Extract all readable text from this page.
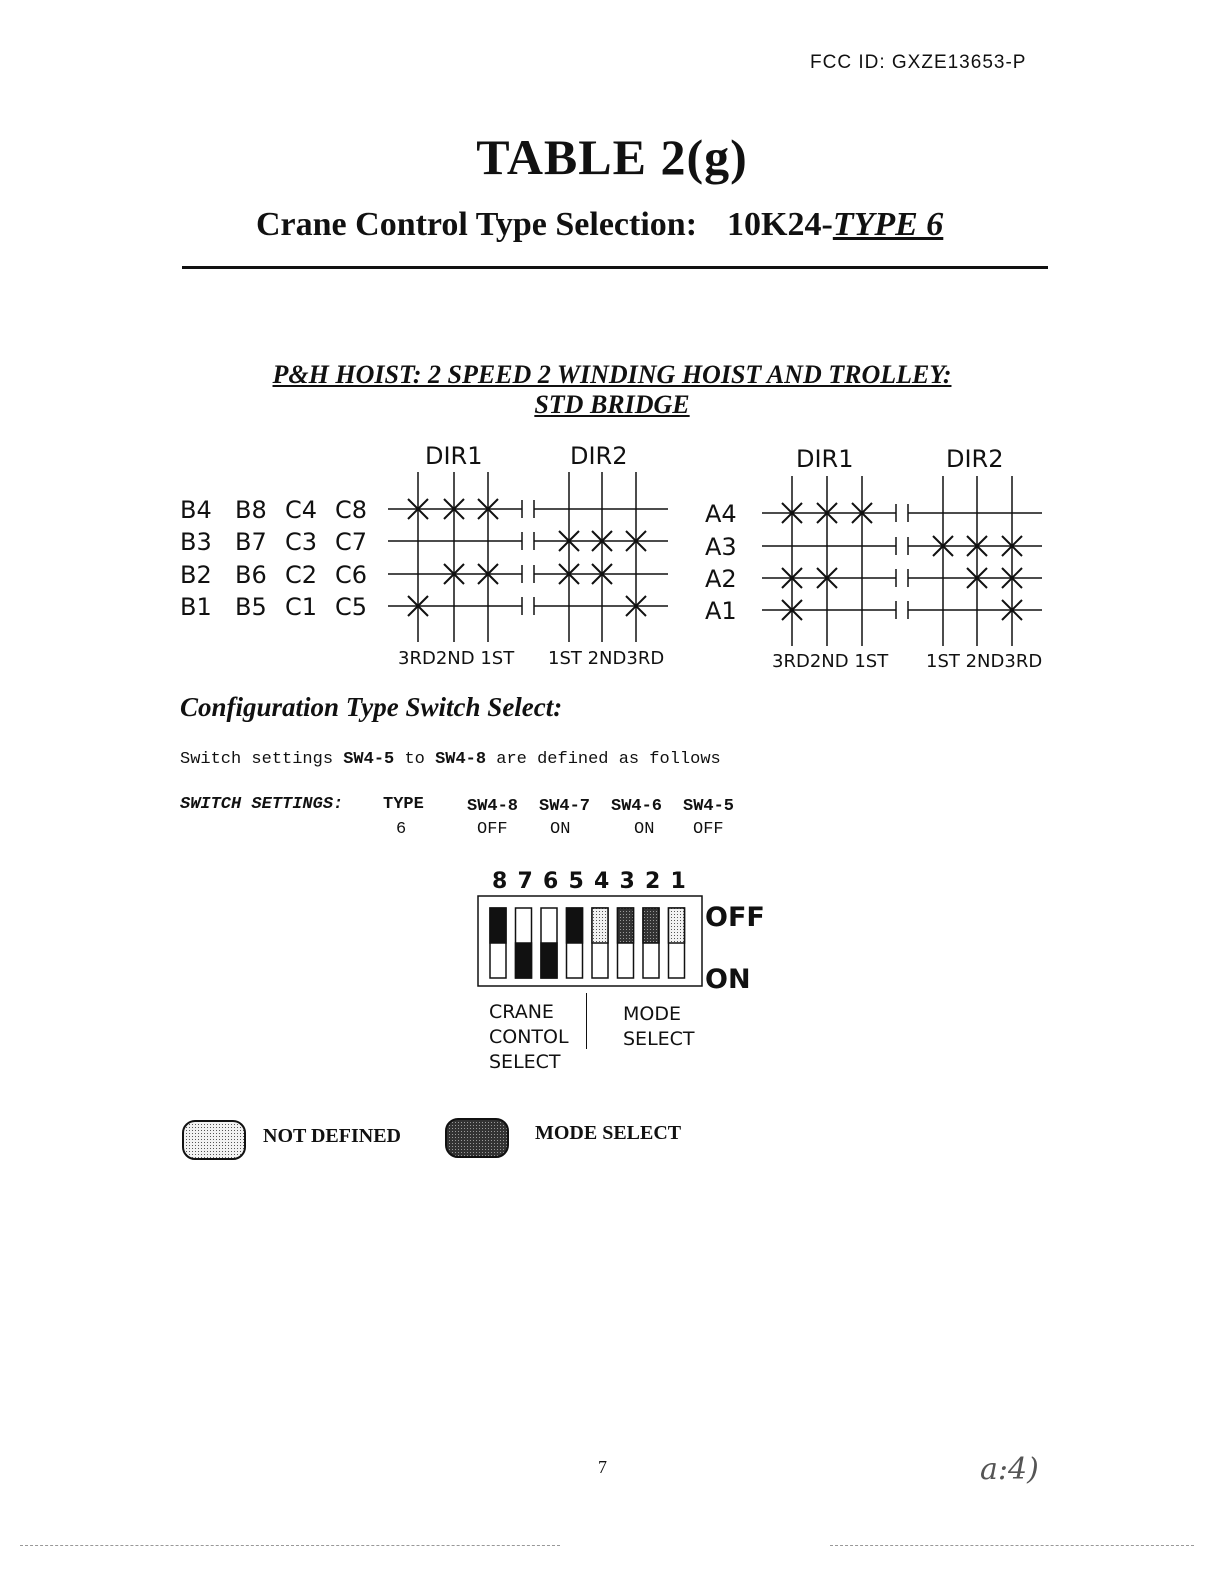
FCC ID: GXZE13653-P
TABLE 2(g)
Crane Control Type Selection: 10K24-TYPE 6
P&H HOIST: 2 SPEED 2 WINDING HOIST AND TROLLEY:
STD BRIDGE
DIR1	DIR2
B4 B8 C4 C8
B3 B7 C3 C7
B2 B6 C2 C6
B1 B5 C1 C5
3RD2ND 1ST 1ST 2ND3RD
DIR1	DIR2
A4
A3
A2
A1
3RD2ND 1ST 1ST 2ND3RD
Configuration Type Switch Select:
Switch settings SW4-5 to SW4-8 are defined as follows
SWITCH SETTINGS: TYPE
6
SW4-8 SW4-7 SW4-6 SW4-5
OFF ON	ON OFF
8 7 6 5 4 3 2 1
OFF
ON
CRANE
CONTOL
SELECT
MODE
SELECT
NOT DEFINED	MODE SELECT
7	a:4)
